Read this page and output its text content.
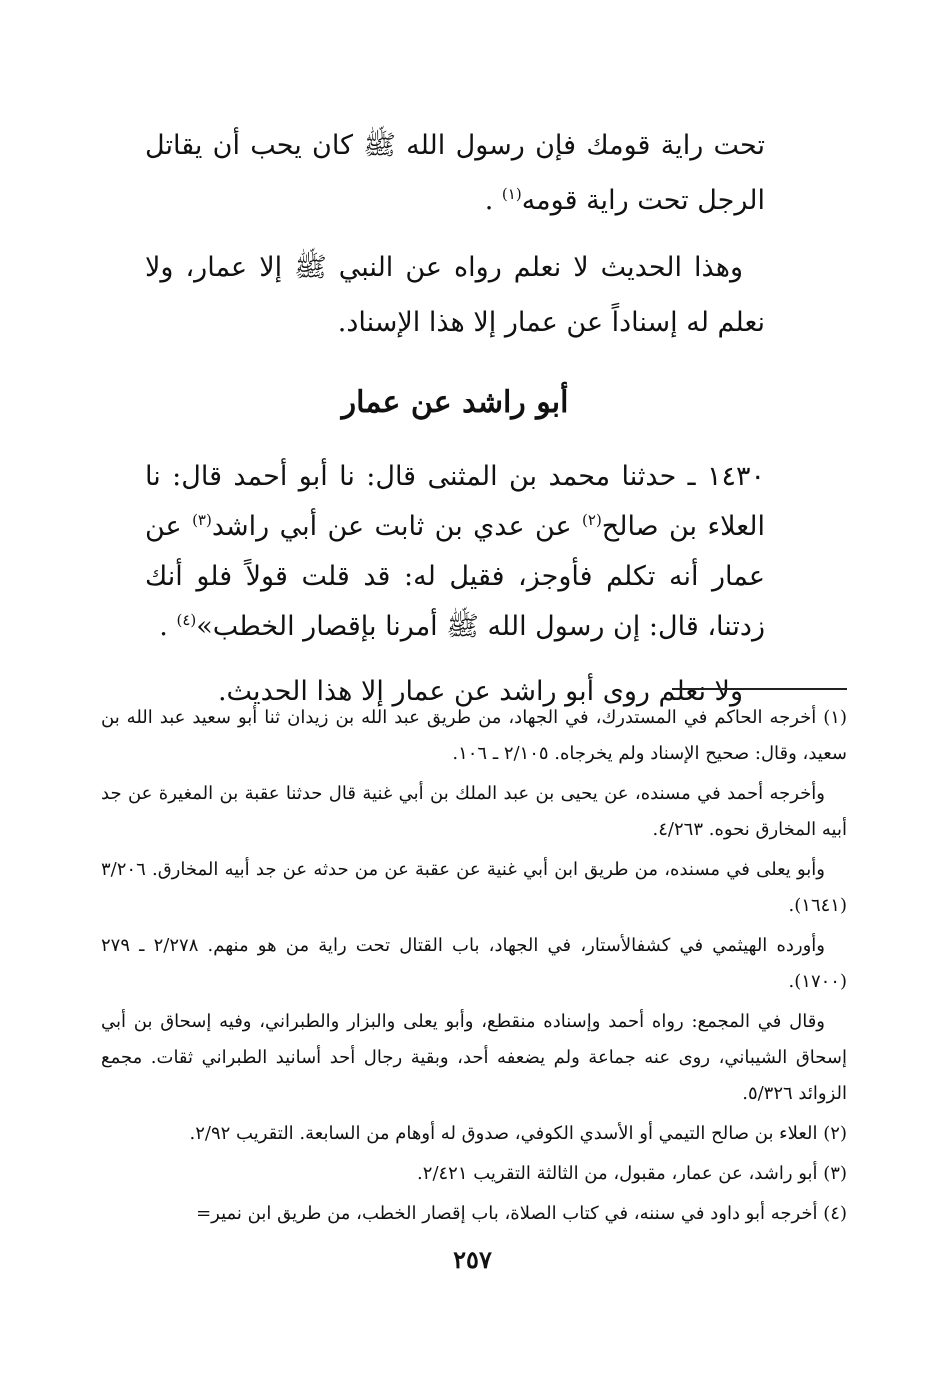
تحت راية قومك فإن رسول الله ﷺ كان يحب أن يقاتل الرجل تحت راية قومه$^{(١)}$ .

وهذا الحديث لا نعلم رواه عن النبي ﷺ إلا عمار، ولا نعلم له إسناداً عن عمار إلا هذا الإسناد.

أبو راشد عن عمار

١٤٣٠ ـ حدثنا محمد بن المثنى قال: نا أبو أحمد قال: نا العلاء بن صالح$^{(٢)}$ عن عدي بن ثابت عن أبي راشد$^{(٣)}$ عن عمار أنه تكلم فأوجز، فقيل له: قد قلت قولاً فلو أنك زدتنا، قال: إن رسول الله ﷺ أمرنا بإقصار الخطب»$^{(٤)}$ .

ولا نعلم روى أبو راشد عن عمار إلا هذا الحديث.

(١) أخرجه الحاكم في المستدرك، في الجهاد، من طريق عبد الله بن زيدان ثنا أبو سعيد عبد الله بن سعيد، وقال: صحيح الإسناد ولم يخرجاه. ٢/١٠٥ ـ ١٠٦.

وأخرجه أحمد في مسنده، عن يحيى بن عبد الملك بن أبي غنية قال حدثنا عقبة بن المغيرة عن جد أبيه المخارق نحوه. ٤/٢٦٣.

وأبو يعلى في مسنده، من طريق ابن أبي غنية عن عقبة عن من حدثه عن جد أبيه المخارق. ٣/٢٠٦ (١٦٤١).

وأورده الهيثمي في كشفالأستار، في الجهاد، باب القتال تحت راية من هو منهم. ٢/٢٧٨ ـ ٢٧٩ (١٧٠٠).

وقال في المجمع: رواه أحمد وإسناده منقطع، وأبو يعلى والبزار والطبراني، وفيه إسحاق بن أبي إسحاق الشيباني، روى عنه جماعة ولم يضعفه أحد، وبقية رجال أحد أسانيد الطبراني ثقات. مجمع الزوائد ٥/٣٢٦.

(٢) العلاء بن صالح التيمي أو الأسدي الكوفي، صدوق له أوهام من السابعة. التقريب ٢/٩٢.

(٣) أبو راشد، عن عمار، مقبول، من الثالثة التقريب ٢/٤٢١.

(٤) أخرجه أبو داود في سننه، في كتاب الصلاة، باب إقصار الخطب، من طريق ابن نمير=

٢٥٧
